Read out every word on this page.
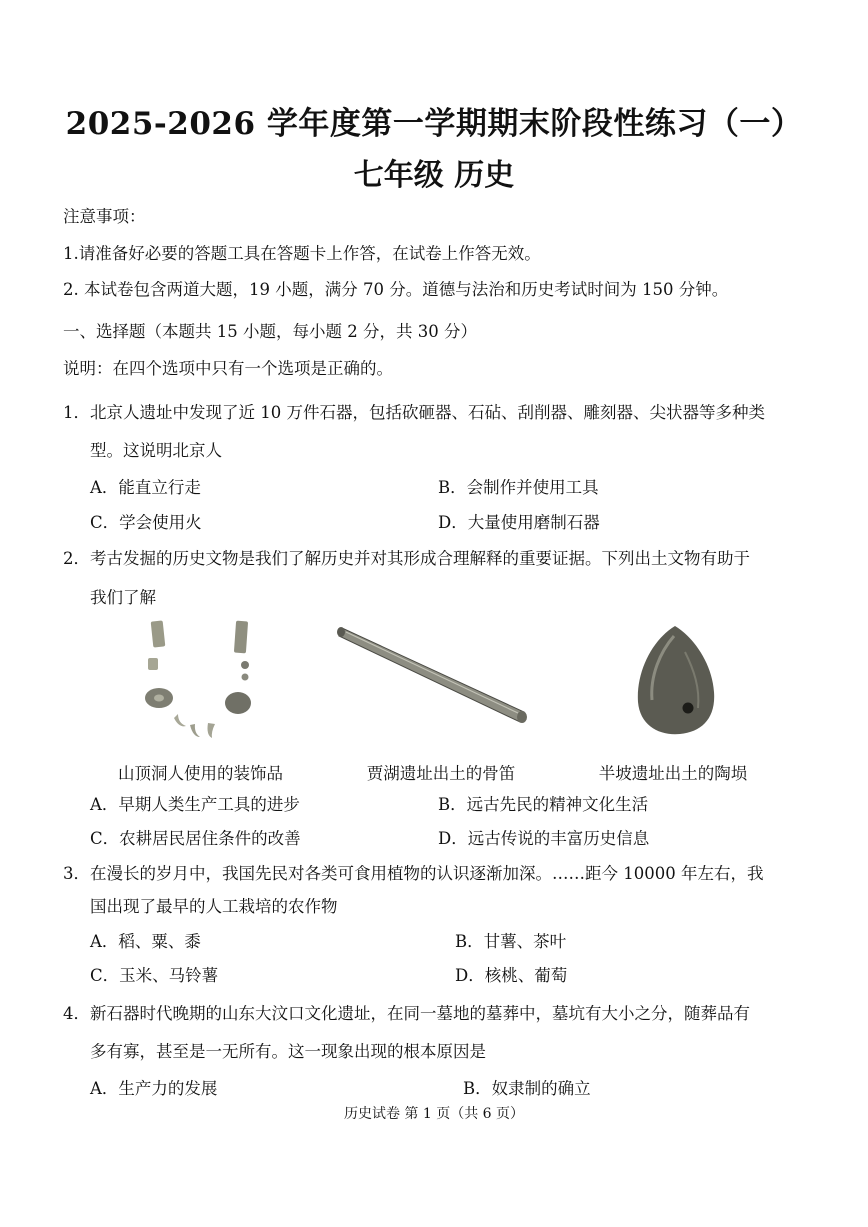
2025-2026 学年度第一学期期末阶段性练习（一）
七年级 历史
注意事项：
1.请准备好必要的答题工具在答题卡上作答，在试卷上作答无效。
2. 本试卷包含两道大题，19 小题，满分 70 分。道德与法治和历史考试时间为 150 分钟。
一、选择题（本题共 15 小题，每小题 2 分，共 30 分）
说明：在四个选项中只有一个选项是正确的。
1．北京人遗址中发现了近 10 万件石器，包括砍砸器、石砧、刮削器、雕刻器、尖状器等多种类
型。这说明北京人
A．能直立行走	B．会制作并使用工具
C．学会使用火	D．大量使用磨制石器
2．考古发掘的历史文物是我们了解历史并对其形成合理解释的重要证据。下列出土文物有助于
我们了解
山顶洞人使用的装饰品	贾湖遗址出土的骨笛	半坡遗址出土的陶埙
A．早期人类生产工具的进步	B．远古先民的精神文化生活
C．农耕居民居住条件的改善	D．远古传说的丰富历史信息
3．在漫长的岁月中，我国先民对各类可食用植物的认识逐渐加深。……距今 10000 年左右，我
国出现了最早的人工栽培的农作物
A．稻、粟、黍	B．甘薯、茶叶
C．玉米、马铃薯	D．核桃、葡萄
4．新石器时代晚期的山东大汶口文化遗址，在同一墓地的墓葬中，墓坑有大小之分，随葬品有
多有寡，甚至是一无所有。这一现象出现的根本原因是
A．生产力的发展	B．奴隶制的确立
历史试卷 第 1 页（共 6 页）
